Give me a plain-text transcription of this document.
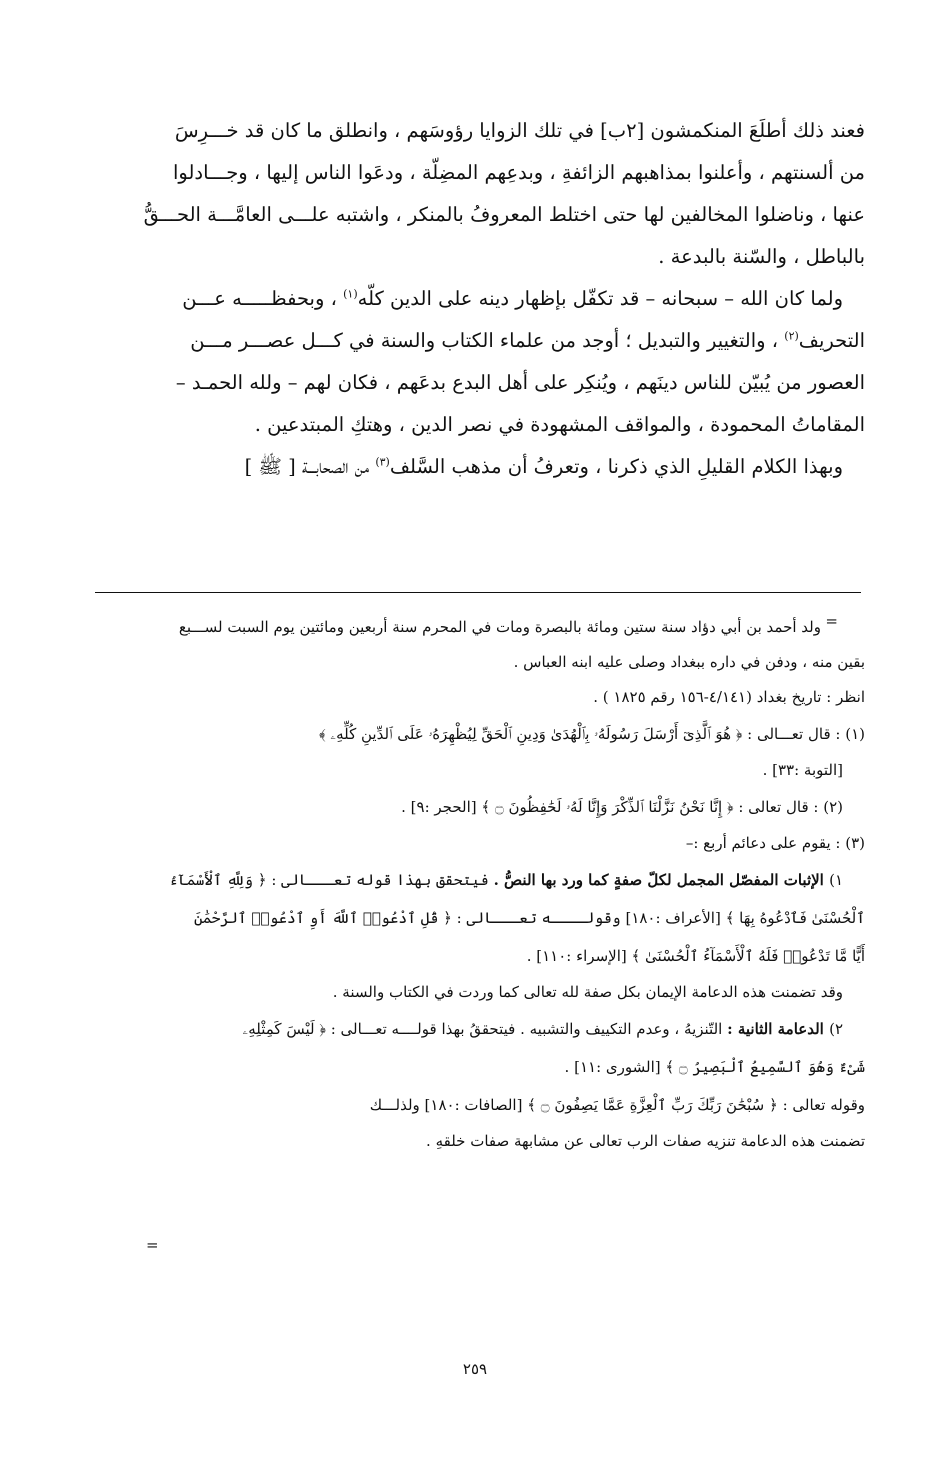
فعند ذلك أطلَعَ المنكمشون [٢ب] في تلك الزوايا رؤوسَهم ، وانطلق ما كان قد خـــرِسَ

من ألسنتهم ، وأعلنوا بمذاهبهم الزائفةِ ، وبدعِهم المضِلّة ، ودعَوا الناس إليها ، وجـــادلوا

عنها ، وناضلوا المخالفين لها حتى اختلط المعروفُ بالمنكر ، واشتبه علـــى العامَّـــة الحـــقُّ

بالباطل ، والسّنة بالبدعة .

ولما كان الله – سبحانه – قد تكفّل بإظهار دينه على الدين كلّه$^{(١)}$ ، وبحفظـــــه عـــن

التحريف$^{(٢)}$ ، والتغيير والتبديل ؛ أوجد من علماء الكتاب والسنة في كـــل عصـــر مـــن

العصور من يُبيّن للناس دينَهم ، ويُنكِر على أهل البدع بدعَهم ، فكان لهم – ولله الحمـد –

المقاماتُ المحمودة ، والمواقف المشهودة في نصر الدين ، وهتكِ المبتدعين .

وبهذا الكلام القليلِ الذي ذكرنا ، وتعرفُ أن مذهب السَّلف$^{(٣)}$ من الصحابـــة [ ﷺ ]

=

ولد أحمد بن أبي دؤاد سنة ستين ومائة بالبصرة ومات في المحرم سنة أربعين ومائتين يوم السبت لســـبع

بقين منه ، ودفن في داره ببغداد وصلى عليه ابنه العباس .

انظر : تاريخ بغداد (٤/١٤١-١٥٦ رقم ١٨٢٥ ) .

(١) : قال تعـــالى : ﴿ هُوَ ٱلَّذِىٓ أَرْسَلَ رَسُولَهُۥ بِٱلْهُدَىٰ وَدِينِ ٱلْحَقِّ لِيُظْهِرَهُۥ عَلَى ٱلدِّينِ كُلِّهِۦ ﴾

[التوبة :٣٣] .

(٢) : قال تعالى : ﴿ إِنَّا نَحْنُ نَزَّلْنَا ٱلذِّكْرَ وَإِنَّا لَهُۥ لَحَٰفِظُونَ ۝ ﴾ [الحجر :٩] .

(٣) : يقوم على دعائم أربع :–

١) الإثبات المفصّل المجمل لكلّ صفةٍ كما ورد بها النصُّ . فيتحقق بهذا قوله تعـــالى : ﴿ وَلِلَّهِ ٱلْأَسْمَآءُ

ٱلْحُسْنَىٰ فَٱدْعُوهُ بِهَا ﴾ [الأعراف :١٨٠] وقولــــه تعـــالى : ﴿ قُلِ ٱدْعُوا۟ ٱللَّهَ أَوِ ٱدْعُوا۟ ٱلرَّحْمَٰنَ

أَيًّا مَّا تَدْعُوا۟ فَلَهُ ٱلْأَسْمَآءُ ٱلْحُسْنَىٰ ﴾ [الإسراء :١١٠] .

وقد تضمنت هذه الدعامة الإيمان بكل صفة لله تعالى كما وردت في الكتاب والسنة .

٢) الدعامة الثانية : التّنزيهُ ، وعدم التكييف والتشبيه . فيتحققُ بهذا قولــــه تعـــالى : ﴿ لَيْسَ كَمِثْلِهِۦ

شَىْءٌ وَهُوَ ٱلسَّمِيعُ ٱلْبَصِيرُ ۝ ﴾ [الشورى :١١] .

وقوله تعالى : ﴿ سُبْحَٰنَ رَبِّكَ رَبِّ ٱلْعِزَّةِ عَمَّا يَصِفُونَ ۝ ﴾ [الصافات :١٨٠] ولذلـــك

تضمنت هذه الدعامة تنزيه صفات الرب تعالى عن مشابهة صفات خلقهِ .

=
٢٥٩
